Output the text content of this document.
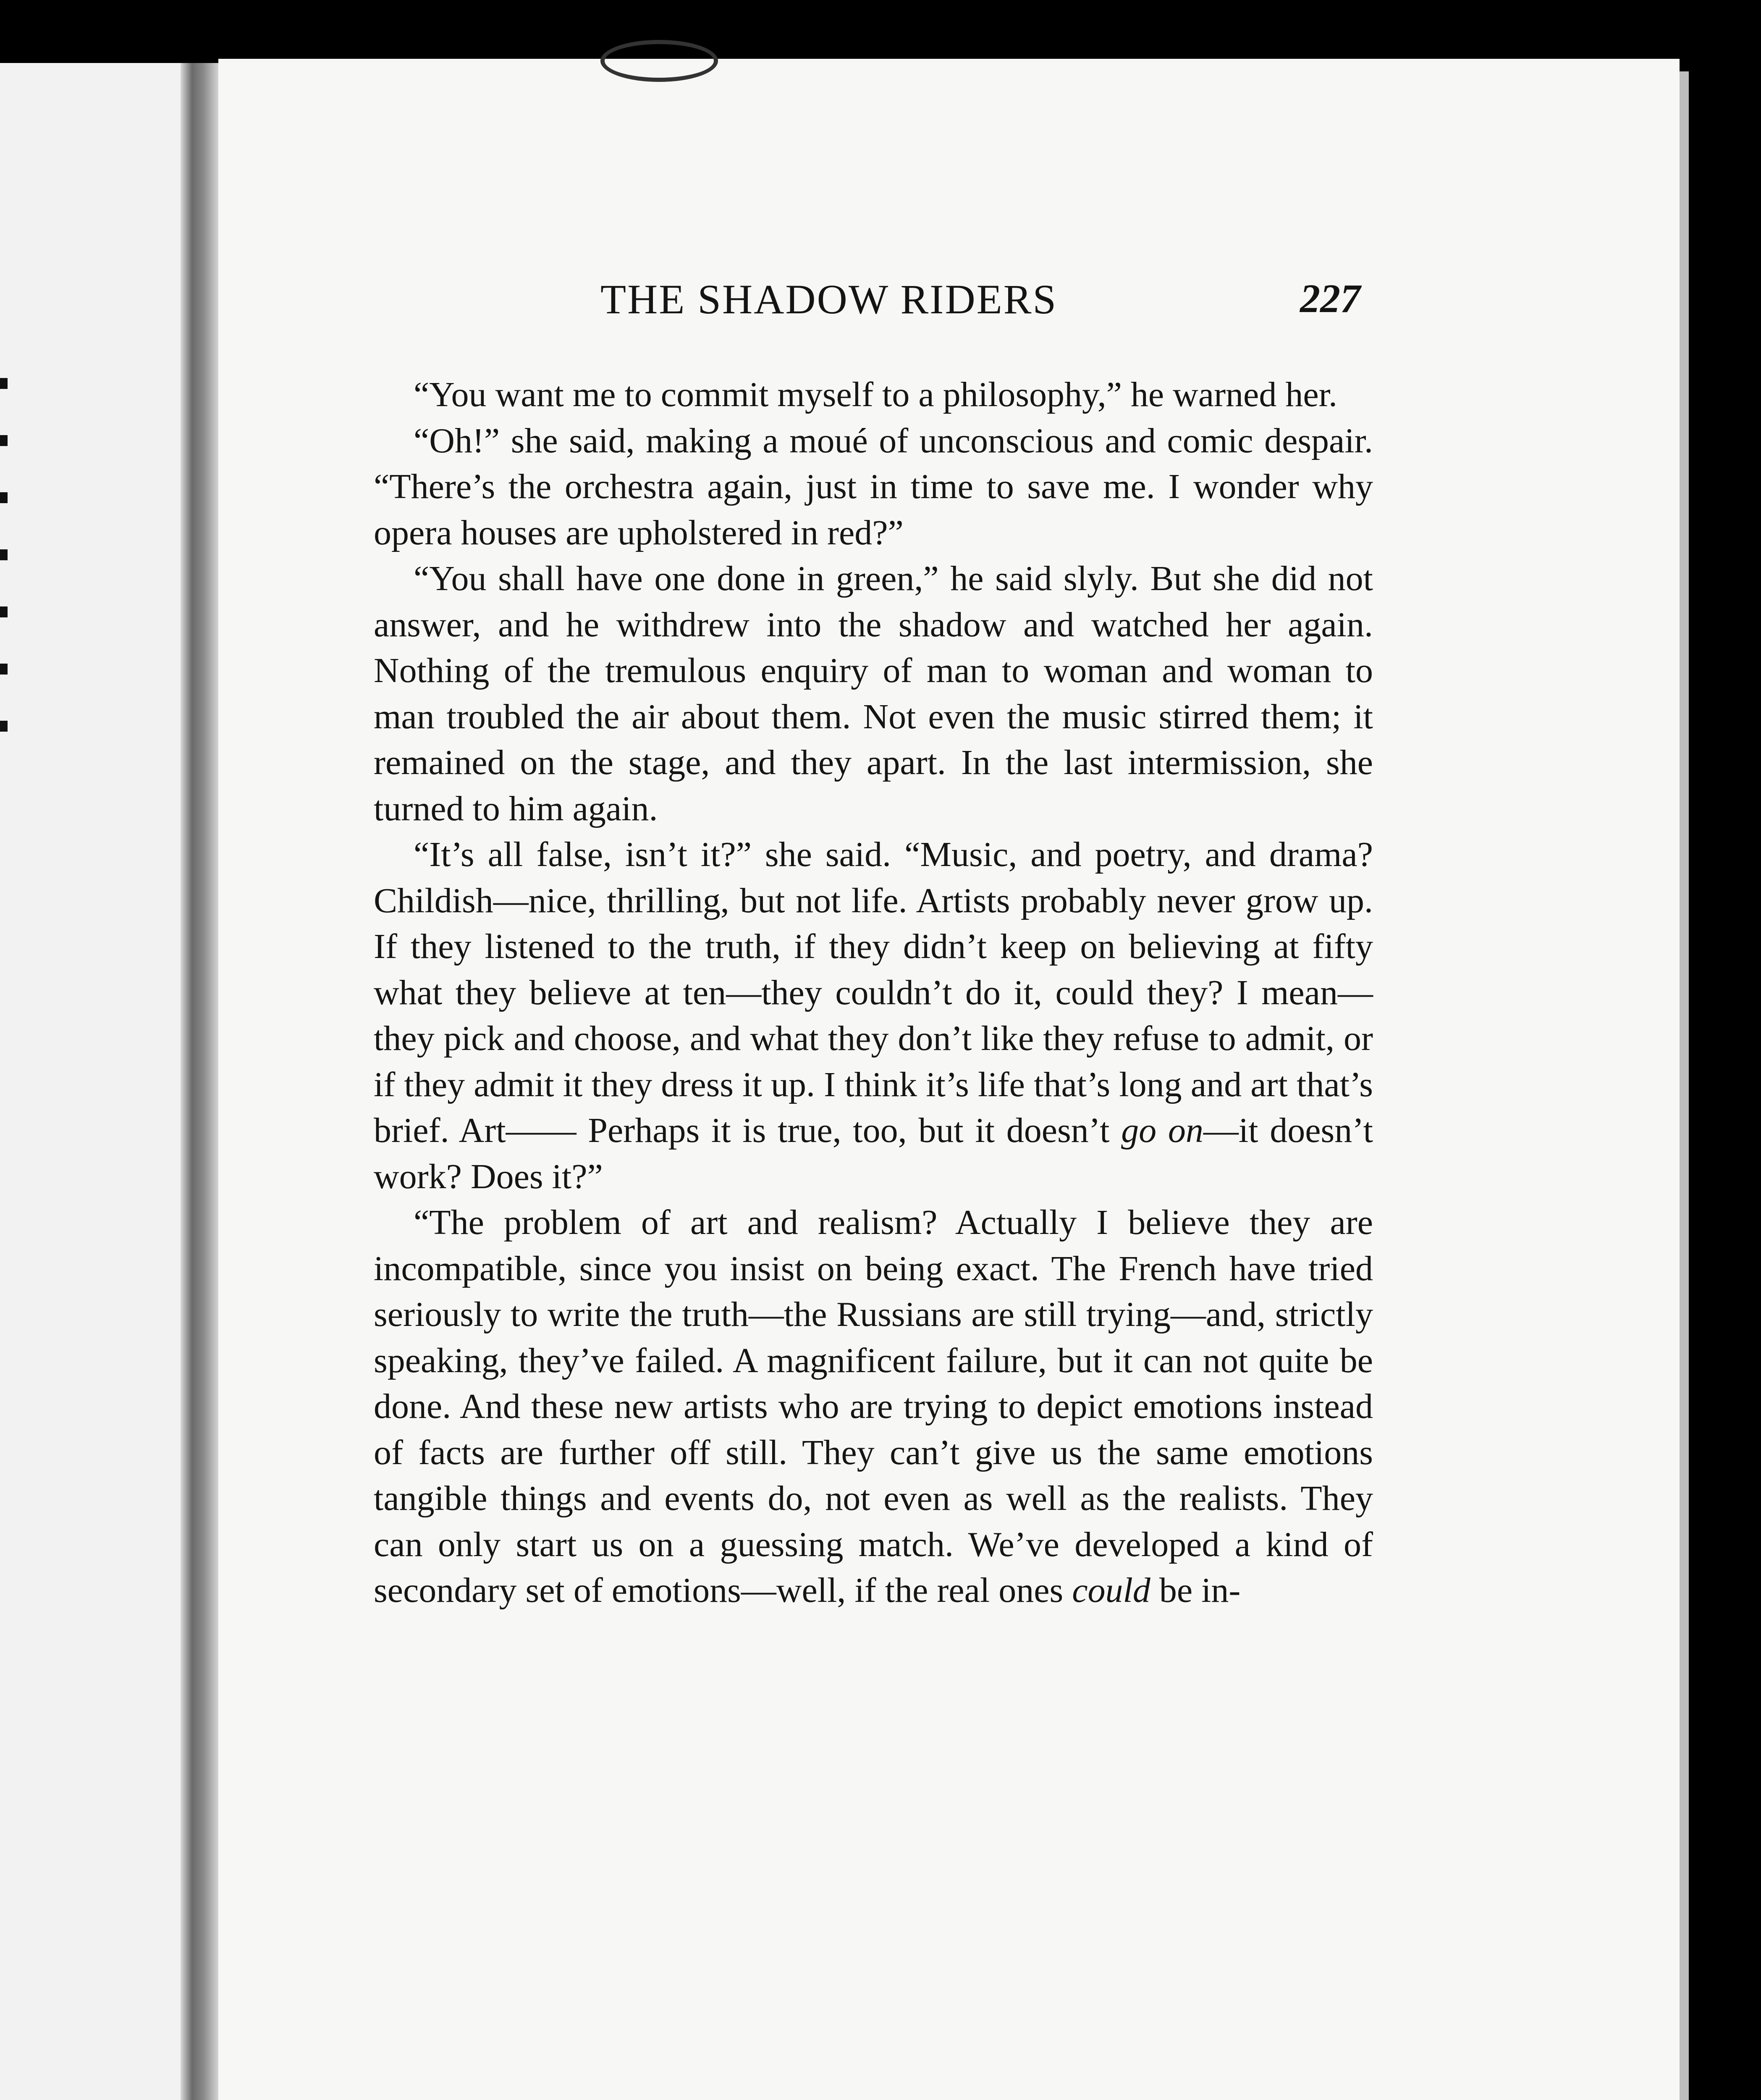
THE SHADOW RIDERS	227

“You want me to commit myself to a philosophy,” he warned her.

“Oh!” she said, making a moué of unconscious and comic despair. “There’s the orchestra again, just in time to save me. I wonder why opera houses are upholstered in red?”

“You shall have one done in green,” he said slyly. But she did not answer, and he withdrew into the shadow and watched her again. Nothing of the tremulous enquiry of man to woman and woman to man troubled the air about them. Not even the music stirred them; it remained on the stage, and they apart. In the last intermission, she turned to him again.

“It’s all false, isn’t it?” she said. “Music, and poetry, and drama? Childish—nice, thrilling, but not life. Artists probably never grow up. If they listened to the truth, if they didn’t keep on believing at fifty what they believe at ten—they couldn’t do it, could they? I mean—they pick and choose, and what they don’t like they refuse to admit, or if they admit it they dress it up. I think it’s life that’s long and art that’s brief. Art—— Perhaps it is true, too, but it doesn’t go on—it doesn’t work? Does it?”

“The problem of art and realism? Actually I believe they are incompatible, since you insist on being exact. The French have tried seriously to write the truth—the Russians are still trying—and, strictly speaking, they’ve failed. A magnificent failure, but it can not quite be done. And these new artists who are trying to depict emotions instead of facts are further off still. They can’t give us the same emotions tangible things and events do, not even as well as the realists. They can only start us on a guessing match. We’ve developed a kind of secondary set of emotions—well, if the real ones could be in-
